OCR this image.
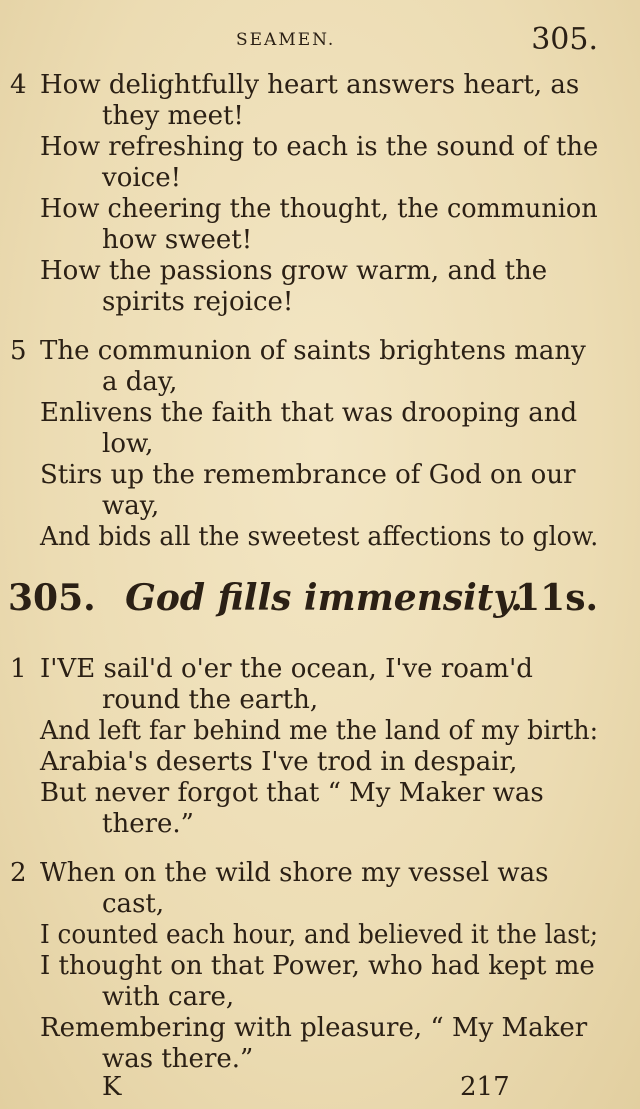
SEAMEN.	305.
4 How delightfully heart answers heart, as
they meet!
How refreshing to each is the sound of the
voice!
How cheering the thought, the communion
how sweet!
How the passions grow warm, and the
spirits rejoice!
5 The communion of saints brightens many
a day,
Enlivens the faith that was drooping and
low,
Stirs up the remembrance of God on our
way,
And bids all the sweetest affections to glow.
305. God fills immensity.
11s.
1 I'VE sail'd o'er the ocean, I've roam'd
round the earth,
And left far behind me the land of my birth:
Arabia's deserts I've trod in despair,
But never forgot that “ My Maker was
there.”
2 When on the wild shore my vessel was
cast,
I counted each hour, and believed it the last;
I thought on that Power, who had kept me
with care,
Remembering with pleasure, “ My Maker
was there.”
K	217
